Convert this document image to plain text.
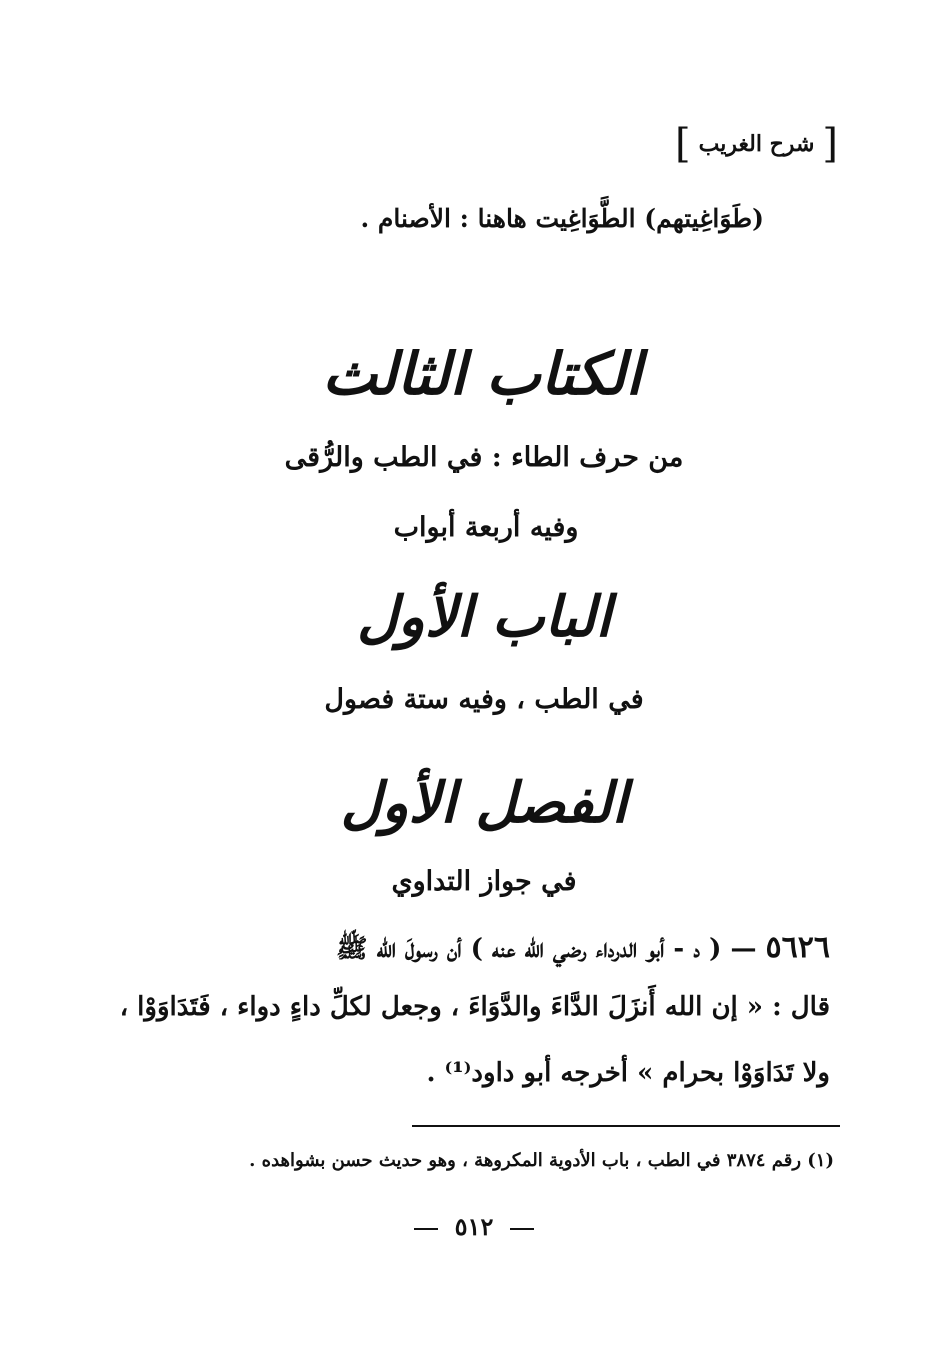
[
شرح الغريب
]
(طَوَاغِيتهم) الطَّوَاغِيت هاهنا : الأصنام .
الكتاب الثالث
من حرف الطاء : في الطب والرُّقى
وفيه أربعة أبواب
الباب الأول
في الطب ، وفيه ستة فصول
الفصل الأول
في جواز التداوي
٥٦٢٦ — ( د - أبو الدرداء رضي الله عنه ) أن رسولَ الله ﷺ
قال : « إن الله أَنزَلَ الدَّاءَ والدَّوَاءَ ، وجعل لكلِّ داءٍ دواء ، فَتَدَاوَوْا ،
ولا تَدَاوَوْا بحرام » أخرجه أبو داود⁽¹⁾ .
(١) رقم ٣٨٧٤ في الطب ، باب الأدوية المكروهة ، وهو حديث حسن بشواهده .
٥١٢
